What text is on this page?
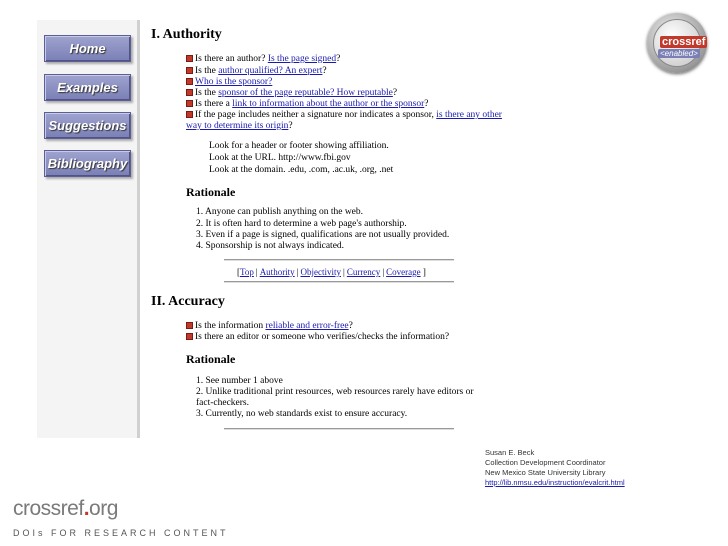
Home
Examples
Suggestions
Bibliography
I. Authority
Is there an author? Is the page signed?
Is the author qualified? An expert?
Who is the sponsor?
Is the sponsor of the page reputable? How reputable?
Is there a link to information about the author or the sponsor?
If the page includes neither a signature nor indicates a sponsor, is there any other
way to determine its origin?
Look for a header or footer showing affiliation.
Look at the URL. http://www.fbi.gov
Look at the domain. .edu, .com, .ac.uk, .org, .net
Rationale
1. Anyone can publish anything on the web.
2. It is often hard to determine a web page's authorship.
3. Even if a page is signed, qualifications are not usually provided.
4. Sponsorship is not always indicated.
[Top | Authority | Objectivity | Currency | Coverage ]
II. Accuracy
Is the information reliable and error-free?
Is there an editor or someone who verifies/checks the information?
Rationale
1. See number 1 above
2. Unlike traditional print resources, web resources rarely have editors or
fact-checkers.
3. Currently, no web standards exist to ensure accuracy.
crossref
<enabled>
Susan E. Beck
Collection Development Coordinator
New Mexico State University Library
http://lib.nmsu.edu/instruction/evalcrit.html
crossref.org
DOIs FOR RESEARCH CONTENT
